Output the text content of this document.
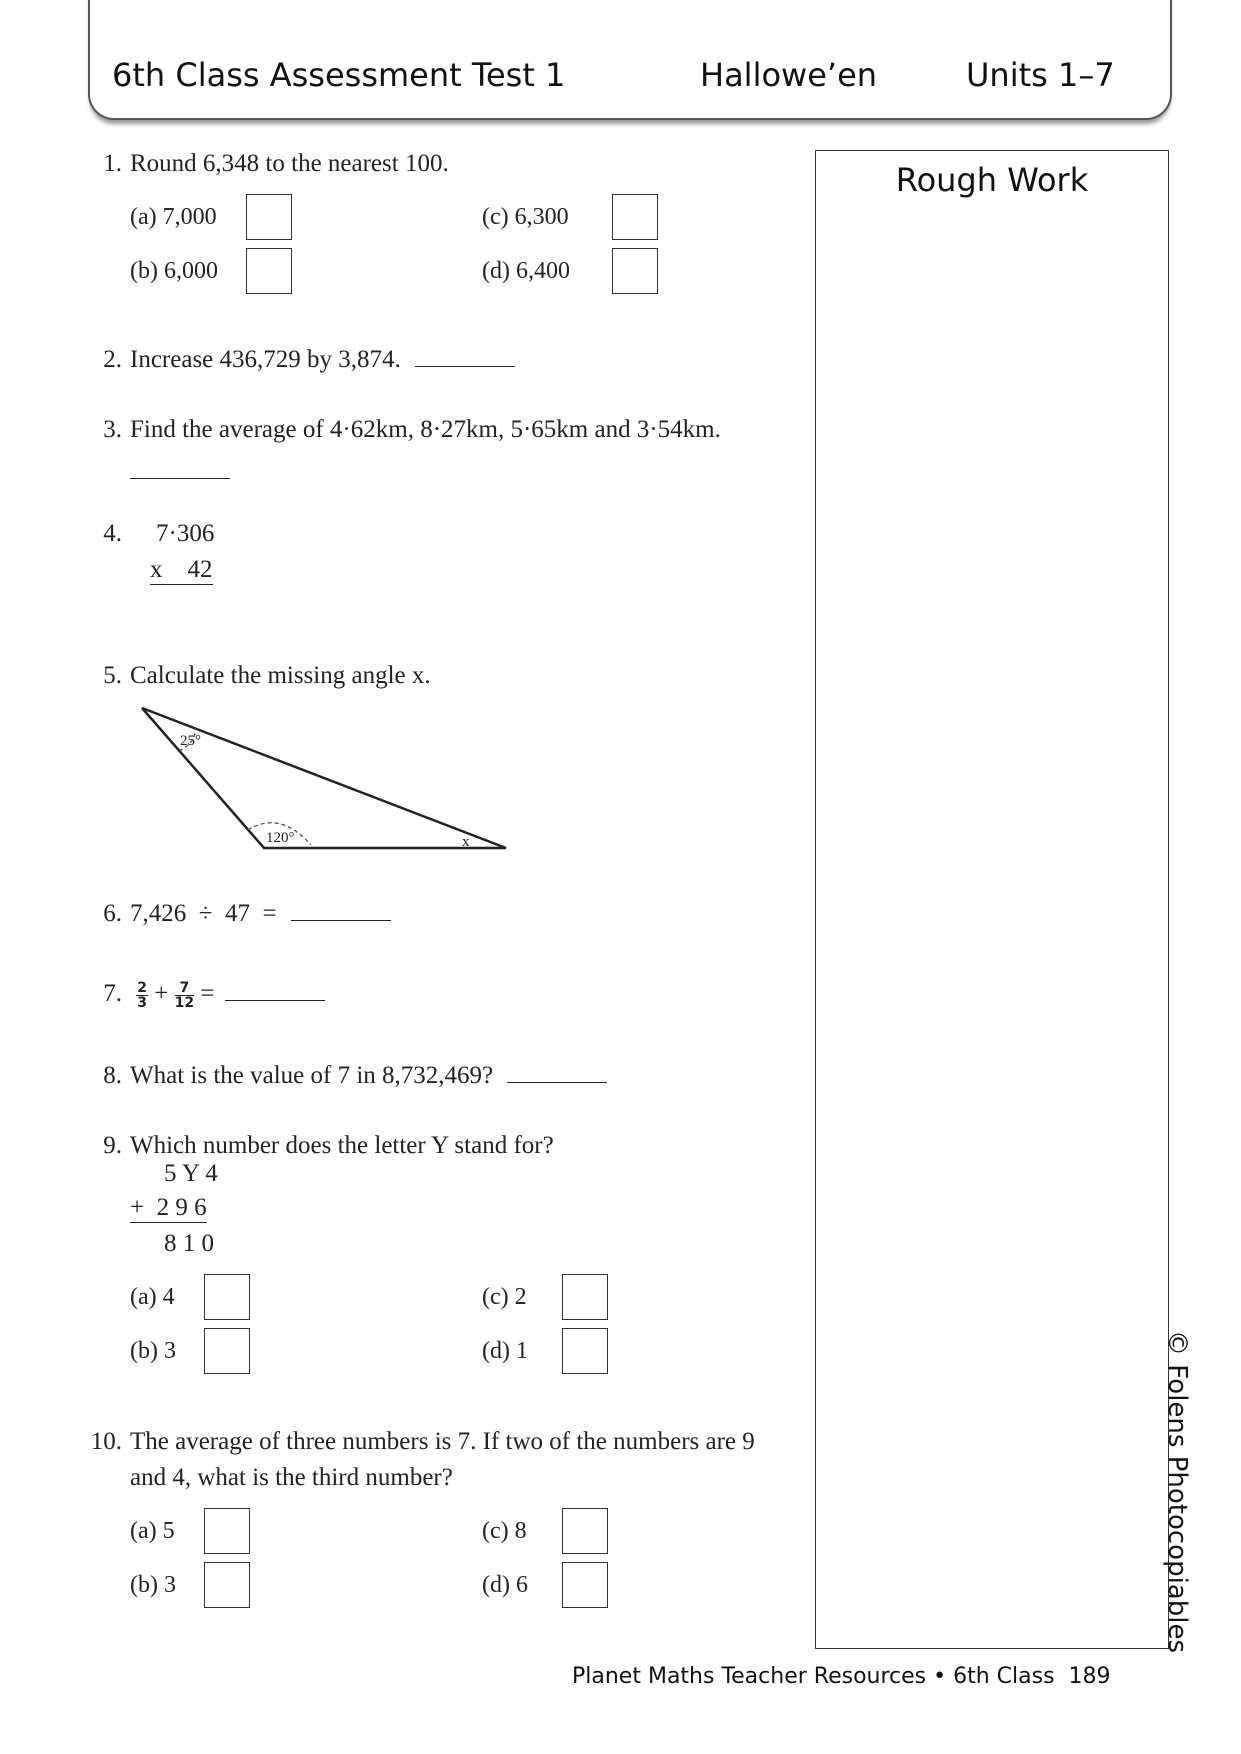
6th Class Assessment Test 1	Hallowe’en	Units 1–7
Rough Work
1. Round 6,348 to the nearest 100.
(a) 7,000
(b) 6,000
(c) 6,300
(d) 6,400
2. Increase 436,729 by 3,874.
3. Find the average of 4·62km, 8·27km, 5·65km and 3·54km.
4.	7·306
x    42
5. Calculate the missing angle x.
25°
120°	x
6. 7,426  ÷  47  =
7. $\frac{2}{3} + \frac{7}{12}$ =
8. What is the value of 7 in 8,732,469?
9. Which number does the letter Y stand for?
5 Y 4
+  2 9 6
8 1 0
(a) 4
(b) 3
(c) 2
(d) 1
10. The average of three numbers is 7. If two of the numbers are 9
and 4, what is the third number?
(a) 5
(b) 3
(c) 8
(d) 6	© Folens Photocopiables
Planet Maths Teacher Resources • 6th Class 189
